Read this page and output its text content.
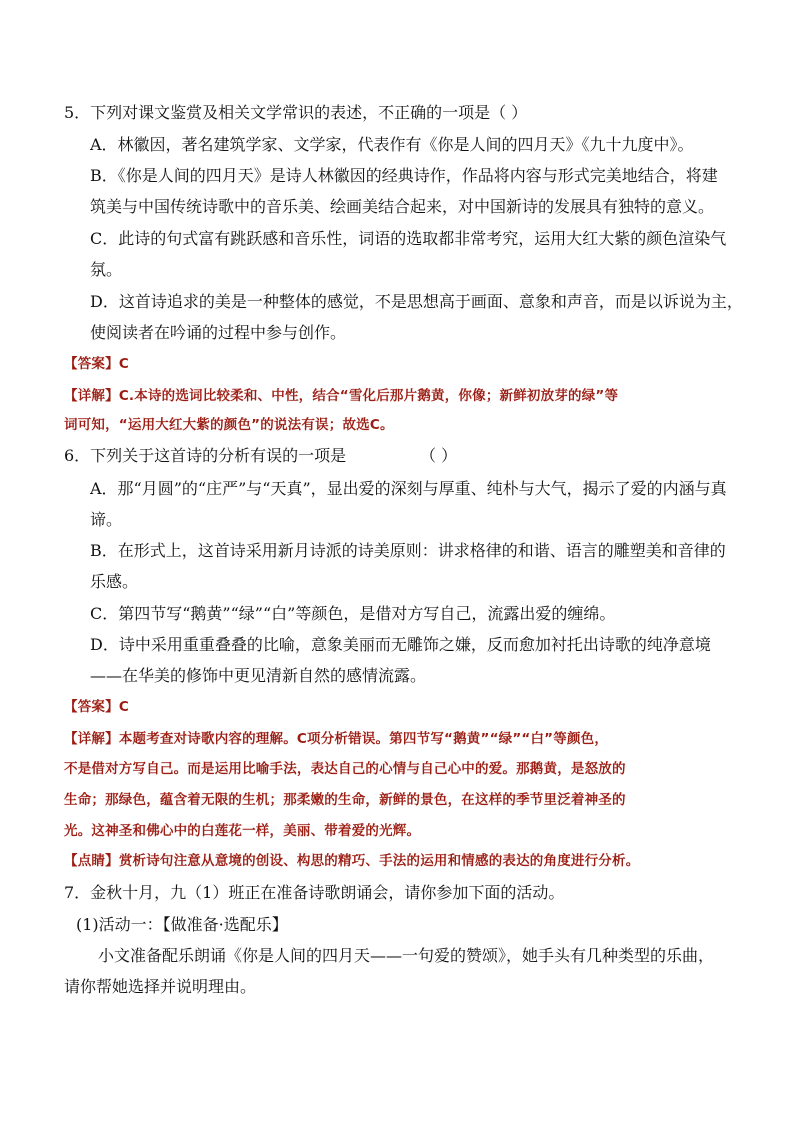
5．下列对课文鉴赏及相关文学常识的表述，不正确的一项是（ ）
A．林徽因，著名建筑学家、文学家，代表作有《你是人间的四月天》《九十九度中》。
B．《你是人间的四月天》是诗人林徽因的经典诗作，作品将内容与形式完美地结合，将建
筑美与中国传统诗歌中的音乐美、绘画美结合起来，对中国新诗的发展具有独特的意义。
C．此诗的句式富有跳跃感和音乐性，词语的选取都非常考究，运用大红大紫的颜色渲染气
氛。
D．这首诗追求的美是一种整体的感觉，不是思想高于画面、意象和声音，而是以诉说为主，
使阅读者在吟诵的过程中参与创作。
【答案】C
【详解】C.本诗的选词比较柔和、中性，结合“雪化后那片鹅黄，你像；新鲜初放芽的绿”等
词可知，“运用大红大紫的颜色”的说法有误；故选C。
6．下列关于这首诗的分析有误的一项是	（ ）
A．那“月圆”的“庄严”与“天真”，显出爱的深刻与厚重、纯朴与大气，揭示了爱的内涵与真
谛。
B．在形式上，这首诗采用新月诗派的诗美原则：讲求格律的和谐、语言的雕塑美和音律的
乐感。
C．第四节写“鹅黄”“绿”“白”等颜色，是借对方写自己，流露出爱的缠绵。
D．诗中采用重重叠叠的比喻，意象美丽而无雕饰之嫌，反而愈加衬托出诗歌的纯净意境
——在华美的修饰中更见清新自然的感情流露。
【答案】C
【详解】本题考查对诗歌内容的理解。C项分析错误。第四节写“鹅黄”“绿”“白”等颜色，
不是借对方写自己。而是运用比喻手法，表达自己的心情与自己心中的爱。那鹅黄，是怒放的
生命；那绿色，蕴含着无限的生机；那柔嫩的生命，新鲜的景色，在这样的季节里泛着神圣的
光。这神圣和佛心中的白莲花一样，美丽、带着爱的光辉。
【点睛】赏析诗句注意从意境的创设、构思的精巧、手法的运用和情感的表达的角度进行分析。
7．金秋十月，九（1）班正在准备诗歌朗诵会，请你参加下面的活动。
(1)活动一：【做准备·选配乐】
小文准备配乐朗诵《你是人间的四月天——一句爱的赞颂》，她手头有几种类型的乐曲，
请你帮她选择并说明理由。
